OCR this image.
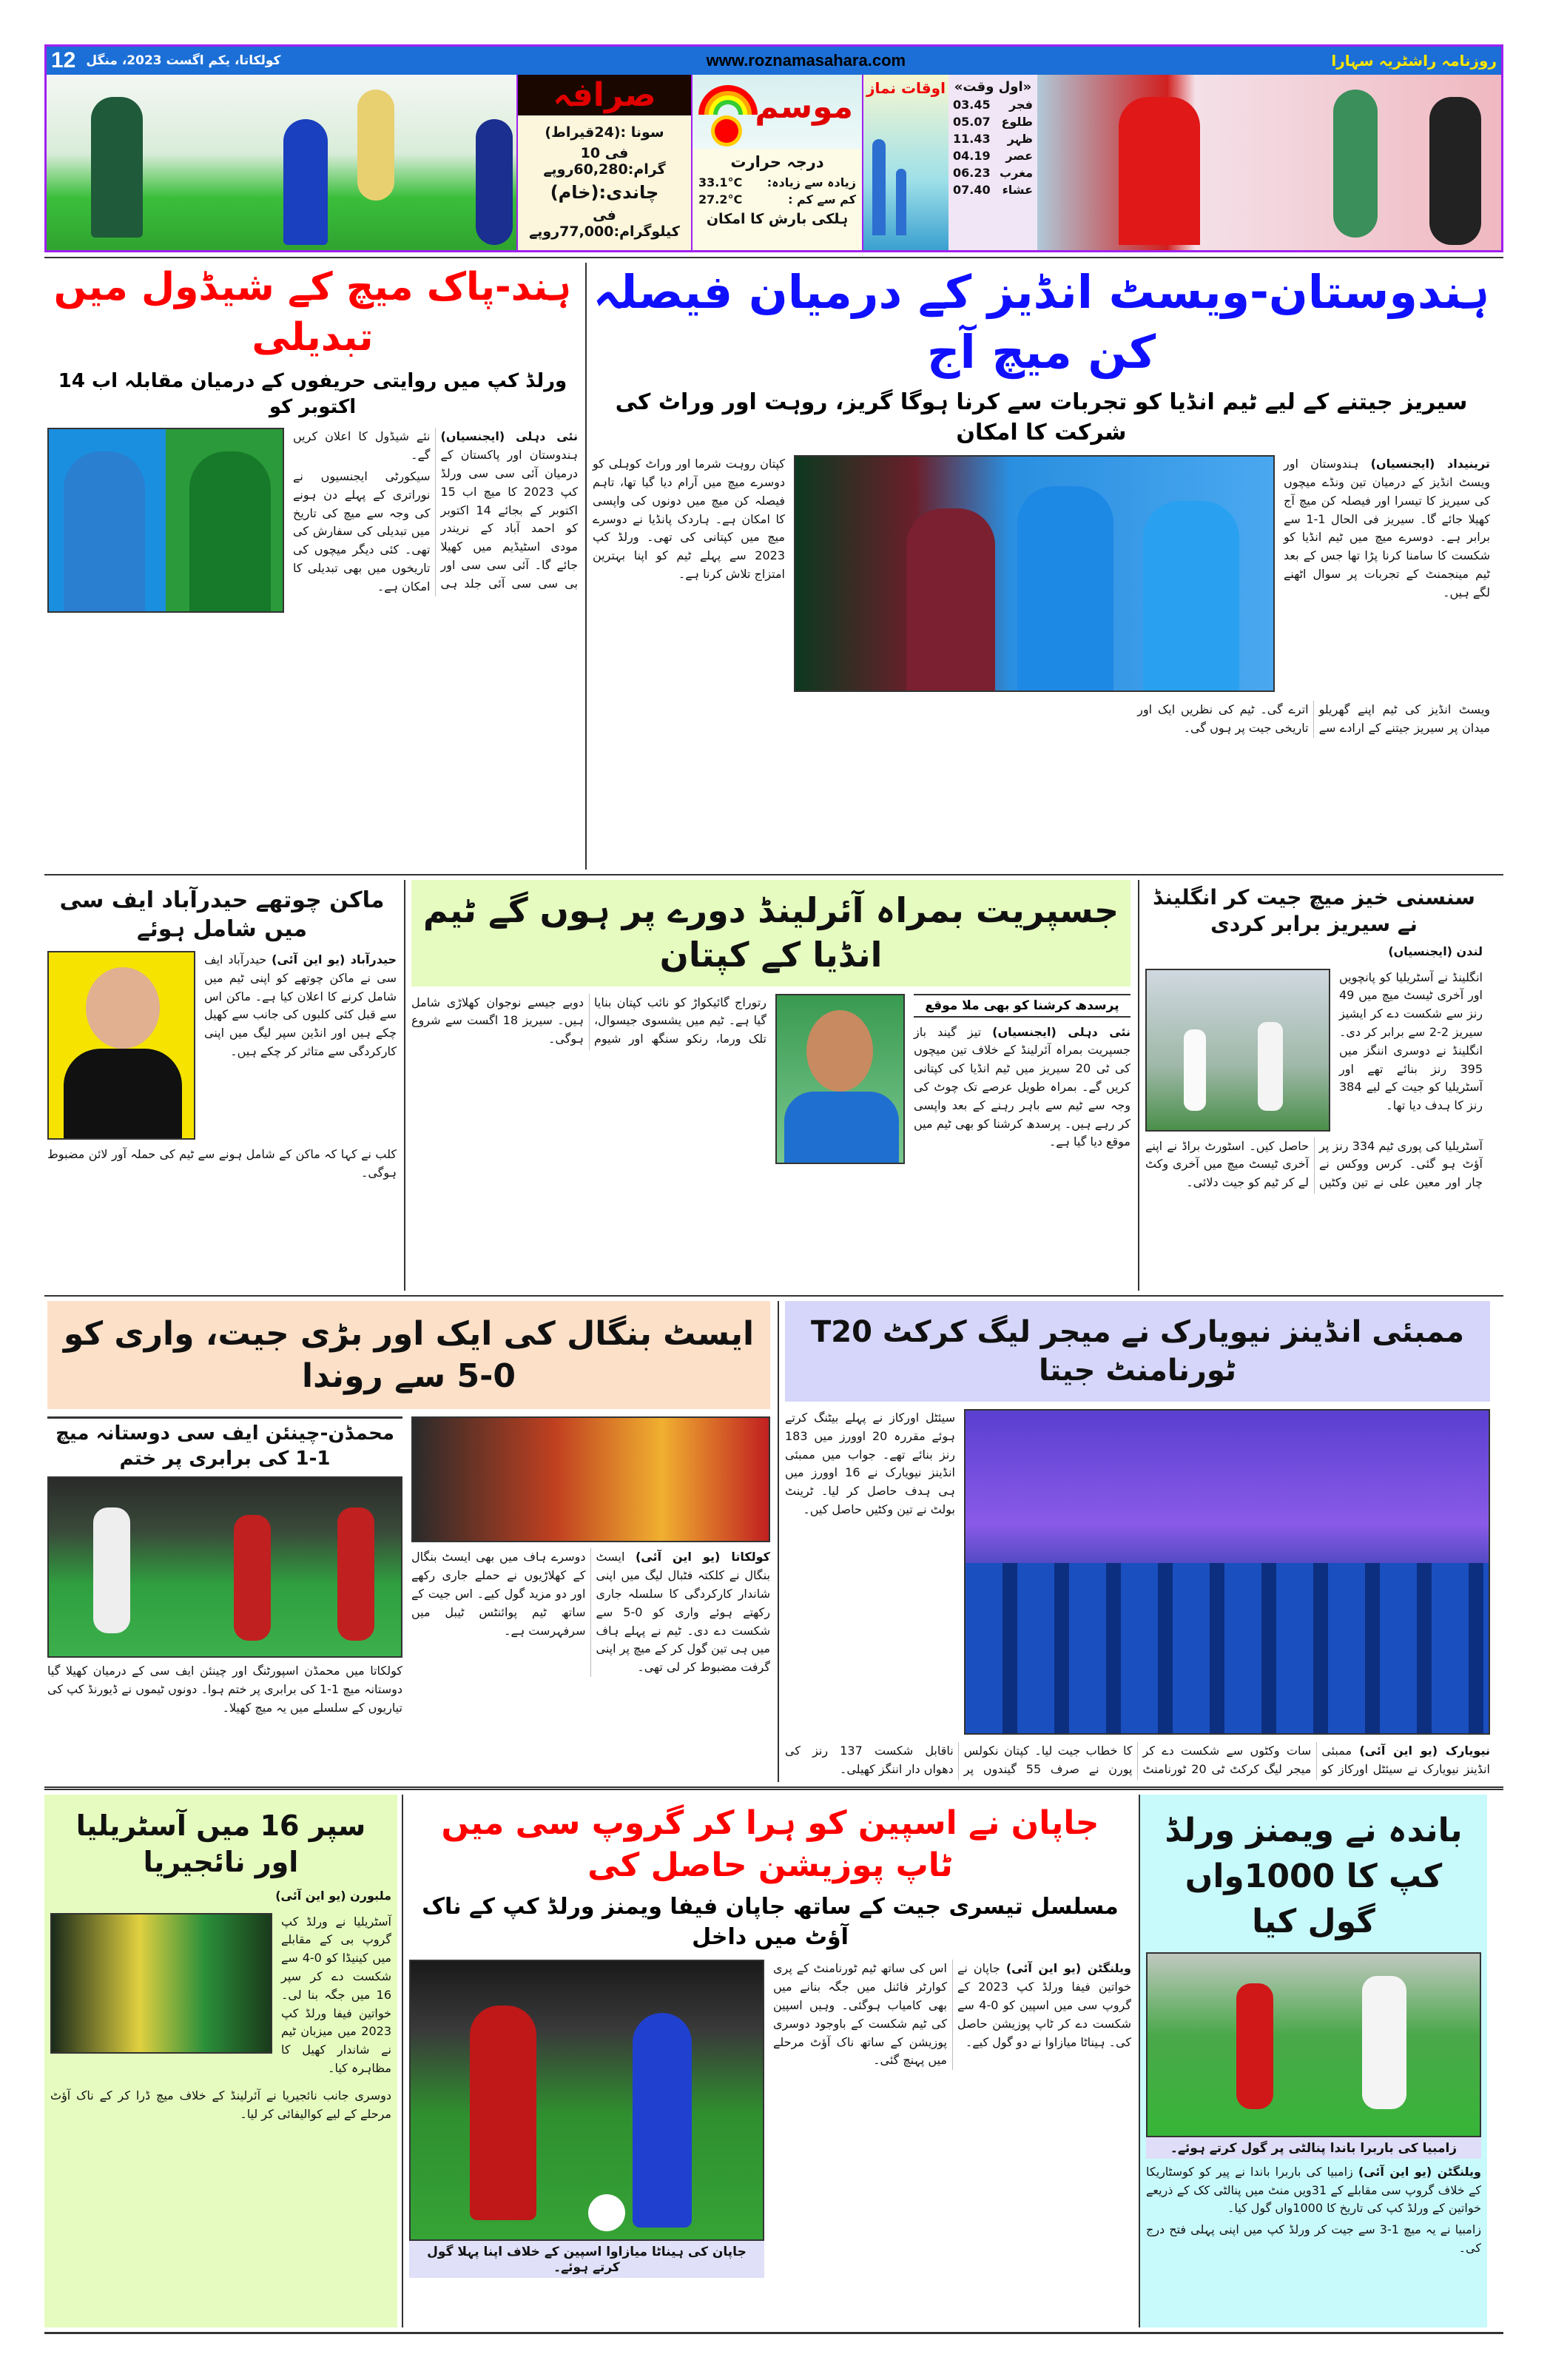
12 کولکاتا، یکم اگست 2023، منگل	www.roznamasahara.com	روزنامہ راشٹریہ سہارا
صرافہ
سونا :(24قیراط)
فی 10 گرام:60,280روپے
چاندی:(خام)
فی کیلوگرام:77,000روپے
موسم
درجہ حرارت
زیادہ سے زیادہ:
33.1°C
کم سے کم :
27.2°C
ہلکی بارش کا امکان
«اول وقت»
فجر
03.45
طلوع
05.07
ظہر
11.43
عصر
04.19
مغرب
06.23
عشاء
07.40
اوقات نماز
ہند-پاک میچ کے شیڈول میں تبدیلی
ورلڈ کپ میں روایتی حریفوں کے درمیان مقابلہ اب 14 اکتوبر کو

نئی دہلی (ایجنسیاں) ہندوستان اور پاکستان کے درمیان آئی سی سی ورلڈ کپ 2023 کا میچ اب 15 اکتوبر کے بجائے 14 اکتوبر کو احمد آباد کے نریندر مودی اسٹیڈیم میں کھیلا جائے گا۔ آئی سی سی اور بی سی سی آئی جلد ہی نئے شیڈول کا اعلان کریں گے۔

سیکورٹی ایجنسیوں نے نوراتری کے پہلے دن ہونے کی وجہ سے میچ کی تاریخ میں تبدیلی کی سفارش کی تھی۔ کئی دیگر میچوں کی تاریخوں میں بھی تبدیلی کا امکان ہے۔

ہندوستان-ویسٹ انڈیز کے درمیان فیصلہ کن میچ آج
سیریز جیتنے کے لیے ٹیم انڈیا کو تجربات سے کرنا ہوگا گریز، روہت اور وراٹ کی شرکت کا امکان

کپتان روہت شرما اور وراٹ کوہلی کو دوسرے میچ میں آرام دیا گیا تھا، تاہم فیصلہ کن میچ میں دونوں کی واپسی کا امکان ہے۔ ہاردک پانڈیا نے دوسرے میچ میں کپتانی کی تھی۔ ورلڈ کپ 2023 سے پہلے ٹیم کو اپنا بہترین امتزاج تلاش کرنا ہے۔

ترینیداد (ایجنسیاں) ہندوستان اور ویسٹ انڈیز کے درمیان تین ونڈے میچوں کی سیریز کا تیسرا اور فیصلہ کن میچ آج کھیلا جائے گا۔ سیریز فی الحال 1-1 سے برابر ہے۔ دوسرے میچ میں ٹیم انڈیا کو شکست کا سامنا کرنا پڑا تھا جس کے بعد ٹیم مینجمنٹ کے تجربات پر سوال اٹھنے لگے ہیں۔

ویسٹ انڈیز کی ٹیم اپنے گھریلو میدان پر سیریز جیتنے کے ارادے سے اترے گی۔ ٹیم کی نظریں ایک اور تاریخی جیت پر ہوں گی۔

ماکن چوتھے حیدرآباد ایف سی میں شامل ہوئے

حیدرآباد (یو این آئی) حیدرآباد ایف سی نے ماکن چوتھے کو اپنی ٹیم میں شامل کرنے کا اعلان کیا ہے۔ ماکن اس سے قبل کئی کلبوں کی جانب سے کھیل چکے ہیں اور انڈین سپر لیگ میں اپنی کارکردگی سے متاثر کر چکے ہیں۔

کلب نے کہا کہ ماکن کے شامل ہونے سے ٹیم کی حملہ آور لائن مضبوط ہوگی۔

جسپریت بمراہ آئرلینڈ دورے پر ہوں گے ٹیم انڈیا کے کپتان

رتوراج گائیکواڑ کو نائب کپتان بنایا گیا ہے۔ ٹیم میں یشسوی جیسوال، تلک ورما، رنکو سنگھ اور شیوم دوبے جیسے نوجوان کھلاڑی شامل ہیں۔ سیریز 18 اگست سے شروع ہوگی۔

پرسدھ کرشنا کو بھی ملا موقع

نئی دہلی (ایجنسیاں) تیز گیند باز جسپریت بمراہ آئرلینڈ کے خلاف تین میچوں کی ٹی 20 سیریز میں ٹیم انڈیا کی کپتانی کریں گے۔ بمراہ طویل عرصے تک چوٹ کی وجہ سے ٹیم سے باہر رہنے کے بعد واپسی کر رہے ہیں۔ پرسدھ کرشنا کو بھی ٹیم میں موقع دیا گیا ہے۔

سنسنی خیز میچ جیت کر انگلینڈ نے سیریز برابر کردی

لندن (ایجنسیاں)

انگلینڈ نے آسٹریلیا کو پانچویں اور آخری ٹیسٹ میچ میں 49 رنز سے شکست دے کر ایشیز سیریز 2-2 سے برابر کر دی۔ انگلینڈ نے دوسری اننگز میں 395 رنز بنائے تھے اور آسٹریلیا کو جیت کے لیے 384 رنز کا ہدف دیا تھا۔

آسٹریلیا کی پوری ٹیم 334 رنز پر آؤٹ ہو گئی۔ کرس ووکس نے چار اور معین علی نے تین وکٹیں حاصل کیں۔ اسٹورٹ براڈ نے اپنے آخری ٹیسٹ میچ میں آخری وکٹ لے کر ٹیم کو جیت دلائی۔

ایسٹ بنگال کی ایک اور بڑی جیت، واری کو 0-5 سے روندا
محمڈن-چینئن ایف سی دوستانہ میچ 1-1 کی برابری پر ختم

کولکاتا میں محمڈن اسپورٹنگ اور چینئن ایف سی کے درمیان کھیلا گیا دوستانہ میچ 1-1 کی برابری پر ختم ہوا۔ دونوں ٹیموں نے ڈیورنڈ کپ کی تیاریوں کے سلسلے میں یہ میچ کھیلا۔

کولکاتا (یو این آئی) ایسٹ بنگال نے کلکتہ فٹبال لیگ میں اپنی شاندار کارکردگی کا سلسلہ جاری رکھتے ہوئے واری کو 0-5 سے شکست دے دی۔ ٹیم نے پہلے ہاف میں ہی تین گول کر کے میچ پر اپنی گرفت مضبوط کر لی تھی۔

دوسرے ہاف میں بھی ایسٹ بنگال کے کھلاڑیوں نے حملے جاری رکھے اور دو مزید گول کیے۔ اس جیت کے ساتھ ٹیم پوائنٹس ٹیبل میں سرفہرست ہے۔

ممبئی انڈینز نیویارک نے میجر لیگ کرکٹ T20 ٹورنامنٹ جیتا

سیئٹل اورکاز نے پہلے بیٹنگ کرتے ہوئے مقررہ 20 اوورز میں 183 رنز بنائے تھے۔ جواب میں ممبئی انڈینز نیویارک نے 16 اوورز میں ہی ہدف حاصل کر لیا۔ ٹرینٹ بولٹ نے تین وکٹیں حاصل کیں۔

نیویارک (یو این آئی) ممبئی انڈینز نیویارک نے سیئٹل اورکاز کو سات وکٹوں سے شکست دے کر میجر لیگ کرکٹ ٹی 20 ٹورنامنٹ کا خطاب جیت لیا۔ کپتان نکولس پورن نے صرف 55 گیندوں پر ناقابل شکست 137 رنز کی دھواں دار اننگز کھیلی۔

سپر 16 میں آسٹریلیا اور نائجیریا

ملبورن (یو این آئی)

آسٹریلیا نے ورلڈ کپ گروپ بی کے مقابلے میں کینیڈا کو 0-4 سے شکست دے کر سپر 16 میں جگہ بنا لی۔ خواتین فیفا ورلڈ کپ 2023 میں میزبان ٹیم نے شاندار کھیل کا مظاہرہ کیا۔

دوسری جانب نائجیریا نے آئرلینڈ کے خلاف میچ ڈرا کر کے ناک آؤٹ مرحلے کے لیے کوالیفائی کر لیا۔

جاپان نے اسپین کو ہرا کر گروپ سی میں ٹاپ پوزیشن حاصل کی
مسلسل تیسری جیت کے ساتھ جاپان فیفا ویمنز ورلڈ کپ کے ناک آؤٹ میں داخل
جاپان کی ہیناٹا میازاوا اسپین کے خلاف اپنا پہلا گول کرتے ہوئے۔

ویلنگٹن (یو این آئی) جاپان نے خواتین فیفا ورلڈ کپ 2023 کے گروپ سی میں اسپین کو 0-4 سے شکست دے کر ٹاپ پوزیشن حاصل کی۔ ہیناٹا میازاوا نے دو گول کیے۔

اس کی ساتھ ٹیم ٹورنامنٹ کے پری کوارٹر فائنل میں جگہ بنانے میں بھی کامیاب ہوگئی۔ وہیں اسپین کی ٹیم شکست کے باوجود دوسری پوزیشن کے ساتھ ناک آؤٹ مرحلے میں پہنچ گئی۔

باندہ نے ویمنز ورلڈ کپ کا 1000واں گول کیا
زامبیا کی باربرا باندا پنالٹی پر گول کرتے ہوئے۔

ویلنگٹن (یو این آئی) زامبیا کی باربرا باندا نے پیر کو کوسٹاریکا کے خلاف گروپ سی مقابلے کے 31ویں منٹ میں پنالٹی کک کے ذریعے خواتین کے ورلڈ کپ کی تاریخ کا 1000واں گول کیا۔

زامبیا نے یہ میچ 1-3 سے جیت کر ورلڈ کپ میں اپنی پہلی فتح درج کی۔
